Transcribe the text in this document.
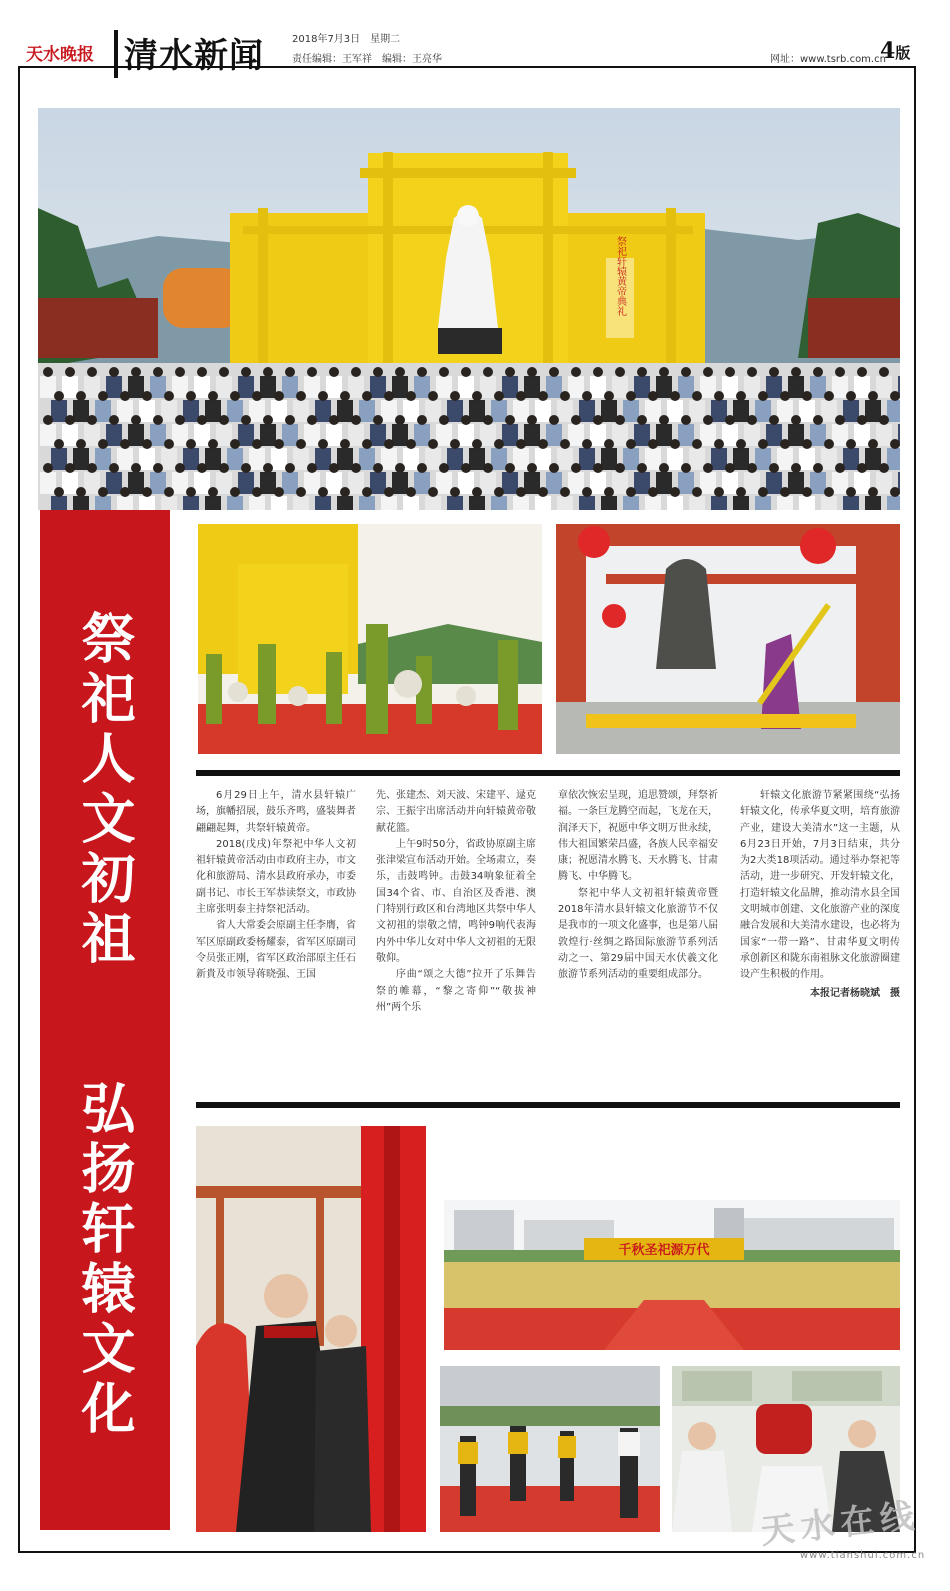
天水晚报 清水新闻	2018年7月3日　星期二
责任编辑：王军祥　编辑：王亮华	网址：www.tsrb.com.cn
4版
祭祀轩辕黄帝典礼
祭祀人文初祖
弘扬轩辕文化

6月29日上午，清水县轩辕广场，旗幡招展，鼓乐齐鸣，盛装舞者翩翩起舞，共祭轩辕黄帝。

2018(戊戌)年祭祀中华人文初祖轩辕黄帝活动由市政府主办，市文化和旅游局、清水县政府承办，市委副书记、市长王军恭读祭文，市政协主席张明泰主持祭祀活动。

省人大常委会原副主任李膺，省军区原副政委杨耀泰，省军区原副司令员张正刚，省军区政治部原主任石新貴及市领导蒋晓强、王国

先、张建杰、刘天波、宋建平、逯克宗、王振宇出席活动并向轩辕黄帝敬献花篮。

上午9时50分，省政协原副主席张津梁宣布活动开始。全场肃立，奏乐，击鼓鸣钟。击鼓34响象征着全国34个省、市、自治区及香港、澳门特别行政区和台湾地区共祭中华人文初祖的崇敬之情，鸣钟9响代表海内外中华儿女对中华人文初祖的无限敬仰。

序曲“颂之大德”拉开了乐舞告祭的帷幕，“黎之寄仰”“敬拔神州”两个乐

章依次恢宏呈现，追思赞颂，拜祭祈福。一条巨龙腾空而起，飞龙在天，润泽天下，祝愿中华文明万世永续，伟大祖国繁荣昌盛，各族人民幸福安康；祝愿清水腾飞、天水腾飞、甘肃腾飞、中华腾飞。

祭祀中华人文初祖轩辕黄帝暨2018年清水县轩辕文化旅游节不仅是我市的一项文化盛事，也是第八届敦煌行·丝绸之路国际旅游节系列活动之一、第29届中国天水伏羲文化旅游节系列活动的重要组成部分。

轩辕文化旅游节紧紧围绕“弘扬轩辕文化，传承华夏文明，培育旅游产业，建设大美清水”这一主题，从6月23日开始，7月3日结束，共分为2大类18项活动。通过举办祭祀等活动，进一步研究、开发轩辕文化，打造轩辕文化品牌，推动清水县全国文明城市创建、文化旅游产业的深度融合发展和大美清水建设，也必将为国家“一带一路”、甘肃华夏文明传承创新区和陇东南祖脉文化旅游圈建设产生积极的作用。

本报记者杨晓斌　摄

千秋圣祀源万代
天水在线
www.tianshui.com.cn
